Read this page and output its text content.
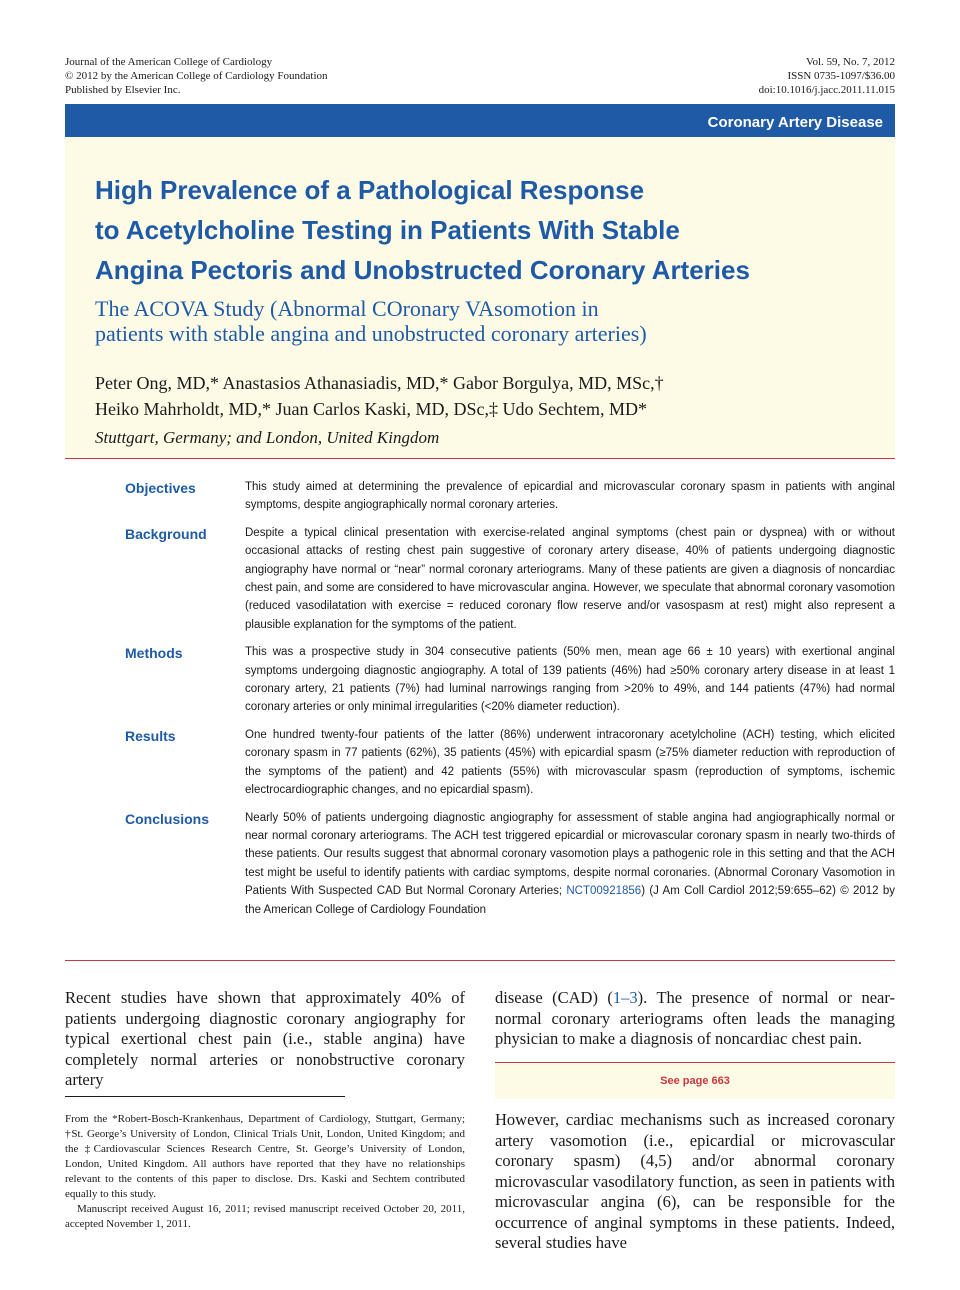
Journal of the American College of Cardiology
© 2012 by the American College of Cardiology Foundation
Published by Elsevier Inc.
Vol. 59, No. 7, 2012
ISSN 0735-1097/$36.00
doi:10.1016/j.jacc.2011.11.015
Coronary Artery Disease
High Prevalence of a Pathological Response
to Acetylcholine Testing in Patients With Stable
Angina Pectoris and Unobstructed Coronary Arteries
The ACOVA Study (Abnormal COronary VAsomotion in
patients with stable angina and unobstructed coronary arteries)
Peter Ong, MD,* Anastasios Athanasiadis, MD,* Gabor Borgulya, MD, MSc,†
Heiko Mahrholdt, MD,* Juan Carlos Kaski, MD, DSc,‡ Udo Sechtem, MD*
Stuttgart, Germany; and London, United Kingdom
Objectives	This study aimed at determining the prevalence of epicardial and microvascular coronary spasm in patients with anginal symptoms, despite angiographically normal coronary arteries.
Background	Despite a typical clinical presentation with exercise-related anginal symptoms (chest pain or dyspnea) with or without occasional attacks of resting chest pain suggestive of coronary artery disease, 40% of patients undergoing diagnostic angiography have normal or “near” normal coronary arteriograms. Many of these patients are given a diagnosis of noncardiac chest pain, and some are considered to have microvascular angina. However, we speculate that abnormal coronary vasomotion (reduced vasodilatation with exercise = reduced coronary flow reserve and/or vasospasm at rest) might also represent a plausible explanation for the symptoms of the patient.
Methods	This was a prospective study in 304 consecutive patients (50% men, mean age 66 ± 10 years) with exertional anginal symptoms undergoing diagnostic angiography. A total of 139 patients (46%) had ≥50% coronary artery disease in at least 1 coronary artery, 21 patients (7%) had luminal narrowings ranging from >20% to 49%, and 144 patients (47%) had normal coronary arteries or only minimal irregularities (<20% diameter reduction).
Results	One hundred twenty-four patients of the latter (86%) underwent intracoronary acetylcholine (ACH) testing, which elicited coronary spasm in 77 patients (62%), 35 patients (45%) with epicardial spasm (≥75% diameter reduction with reproduction of the symptoms of the patient) and 42 patients (55%) with microvascular spasm (reproduction of symptoms, ischemic electrocardiographic changes, and no epicardial spasm).
Conclusions	Nearly 50% of patients undergoing diagnostic angiography for assessment of stable angina had angiographically normal or near normal coronary arteriograms. The ACH test triggered epicardial or microvascular coronary spasm in nearly two-thirds of these patients. Our results suggest that abnormal coronary vasomotion plays a pathogenic role in this setting and that the ACH test might be useful to identify patients with cardiac symptoms, despite normal coronaries. (Abnormal Coronary Vasomotion in Patients With Suspected CAD But Normal Coronary Arteries; NCT00921856) (J Am Coll Cardiol 2012;59:655–62) © 2012 by the American College of Cardiology Foundation
Recent studies have shown that approximately 40% of patients undergoing diagnostic coronary angiography for typical exertional chest pain (i.e., stable angina) have completely normal arteries or nonobstructive coronary artery
disease (CAD) (1–3). The presence of normal or near-normal coronary arteriograms often leads the managing physician to make a diagnosis of noncardiac chest pain.
See page 663
However, cardiac mechanisms such as increased coronary artery vasomotion (i.e., epicardial or microvascular coronary spasm) (4,5) and/or abnormal coronary microvascular vasodilatory function, as seen in patients with microvascular angina (6), can be responsible for the occurrence of anginal symptoms in these patients. Indeed, several studies have

From the *Robert-Bosch-Krankenhaus, Department of Cardiology, Stuttgart, Germany; †St. George’s University of London, Clinical Trials Unit, London, United Kingdom; and the ‡Cardiovascular Sciences Research Centre, St. George’s University of London, London, United Kingdom. All authors have reported that they have no relationships relevant to the contents of this paper to disclose. Drs. Kaski and Sechtem contributed equally to this study.

Manuscript received August 16, 2011; revised manuscript received October 20, 2011, accepted November 1, 2011.
